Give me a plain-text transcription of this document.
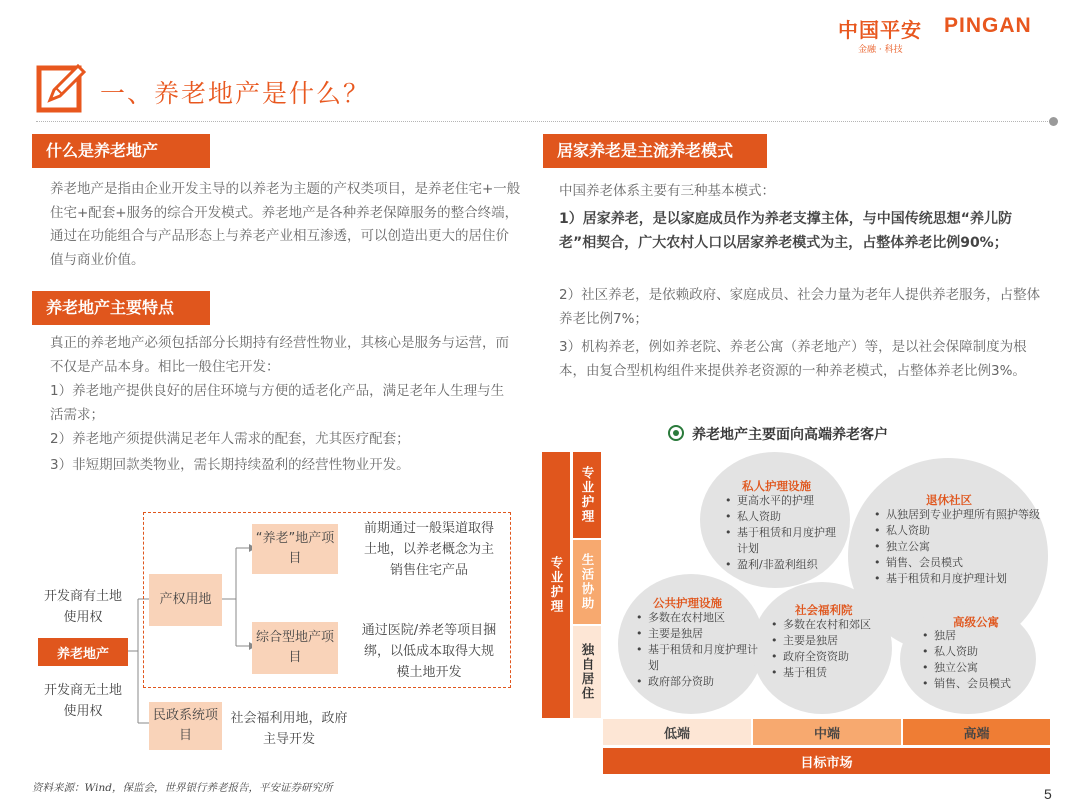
中国平安 PINGAN
金融 · 科技
一、养老地产是什么？
什么是养老地产
养老地产是指由企业开发主导的以养老为主题的产权类项目，是养老住宅+一般住宅+配套+服务的综合开发模式。养老地产是各种养老保障服务的整合终端，通过在功能组合与产品形态上与养老产业相互渗透，可以创造出更大的居住价值与商业价值。
养老地产主要特点
真正的养老地产必须包括部分长期持有经营性物业，其核心是服务与运营，而不仅是产品本身。相比一般住宅开发：
1）养老地产提供良好的居住环境与方便的适老化产品，满足老年人生理与生活需求；
2）养老地产须提供满足老年人需求的配套，尤其医疗配套；
3）非短期回款类物业，需长期持续盈利的经营性物业开发。
开发商有土地使用权
养老地产
开发商无土地使用权
产权用地
民政系统项目
社会福利用地，政府主导开发
“养老”地产项目
前期通过一般渠道取得土地，以养老概念为主销售住宅产品
综合型地产项目
通过医院/养老等项目捆绑，以低成本取得大规模土地开发
居家养老是主流养老模式
中国养老体系主要有三种基本模式：
1）居家养老，是以家庭成员作为养老支撑主体，与中国传统思想“养儿防老”相契合，广大农村人口以居家养老模式为主，占整体养老比例90%；
2）社区养老，是依赖政府、家庭成员、社会力量为老年人提供养老服务，占整体养老比例7%；
3）机构养老，例如养老院、养老公寓（养老地产）等，是以社会保障制度为根本，由复合型机构组件来提供养老资源的一种养老模式，占整体养老比例3%。
养老地产主要面向高端养老客户
专业护理
专业护理
生活协助
独自居住
私人护理设施
• 更高水平的护理
• 私人资助
• 基于租赁和月度护理计划
• 盈利/非盈利组织
退休社区
• 从独居到专业护理所有照护等级
• 私人资助
• 独立公寓
• 销售、会员模式
• 基于租赁和月度护理计划
公共护理设施
• 多数在农村地区
• 主要是独居
• 基于租赁和月度护理计划
• 政府部分资助
社会福利院
• 多数在农村和郊区
• 主要是独居
• 政府全资资助
• 基于租赁
高级公寓
• 独居
• 私人资助
• 独立公寓
• 销售、会员模式
低端	中端	高端
目标市场
资料来源：Wind，保监会，世界银行养老报告，平安证券研究所	5
